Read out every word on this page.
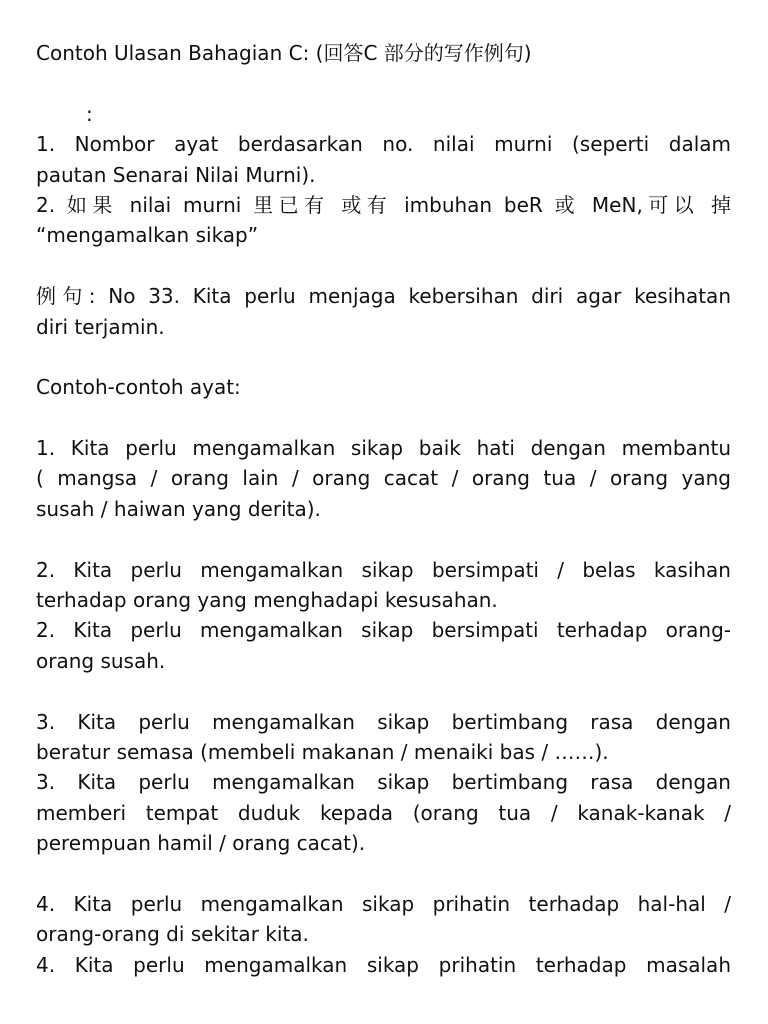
Contoh Ulasan Bahagian C: (回答C 部分的写作例句)
:
1. Nombor ayat berdasarkan no. nilai murni (seperti dalam
pautan Senarai Nilai Murni).
2. 如果 nilai murni 里已有 或有 imbuhan beR 或 MeN,可以 掉
“mengamalkan sikap”
例句: No 33. Kita perlu menjaga kebersihan diri agar kesihatan
diri terjamin.
Contoh-contoh ayat:
1. Kita perlu mengamalkan sikap baik hati dengan membantu
( mangsa / orang lain / orang cacat / orang tua / orang yang
susah / haiwan yang derita).
2. Kita perlu mengamalkan sikap bersimpati / belas kasihan
terhadap orang yang menghadapi kesusahan.
2. Kita perlu mengamalkan sikap bersimpati terhadap orang-
orang susah.
3. Kita perlu mengamalkan sikap bertimbang rasa dengan
beratur semasa (membeli makanan / menaiki bas / ……).
3. Kita perlu mengamalkan sikap bertimbang rasa dengan
memberi tempat duduk kepada (orang tua / kanak-kanak /
perempuan hamil / orang cacat).
4. Kita perlu mengamalkan sikap prihatin terhadap hal-hal /
orang-orang di sekitar kita.
4. Kita perlu mengamalkan sikap prihatin terhadap masalah
